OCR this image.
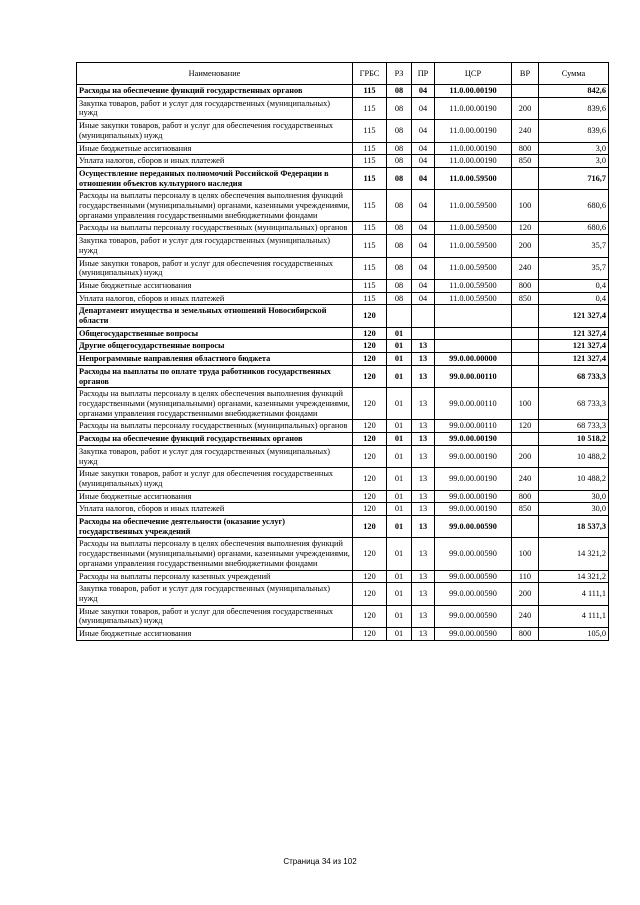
Наименование	ГРБС	РЗ	ПР	ЦСР	ВР	Сумма
Расходы на обеспечение функций государственных органов	115	08	04	11.0.00.00190		842,6
Закупка товаров, работ и услуг для государственных (муниципальных) нужд	115	08	04	11.0.00.00190	200	839,6
Иные закупки товаров, работ и услуг для обеспечения государственных (муниципальных) нужд	115	08	04	11.0.00.00190	240	839,6
Иные бюджетные ассигнования	115	08	04	11.0.00.00190	800	3,0
Уплата налогов, сборов и иных платежей	115	08	04	11.0.00.00190	850	3,0
Осуществление переданных полномочий Российской Федерации в отношении объектов культурного наследия	115	08	04	11.0.00.59500		716,7
Расходы на выплаты персоналу в целях обеспечения выполнения функций государственными (муниципальными) органами, казенными учреждениями, органами управления государственными внебюджетными фондами	115	08	04	11.0.00.59500	100	680,6
Расходы на выплаты персоналу государственных (муниципальных) органов	115	08	04	11.0.00.59500	120	680,6
Закупка товаров, работ и услуг для государственных (муниципальных) нужд	115	08	04	11.0.00.59500	200	35,7
Иные закупки товаров, работ и услуг для обеспечения государственных (муниципальных) нужд	115	08	04	11.0.00.59500	240	35,7
Иные бюджетные ассигнования	115	08	04	11.0.00.59500	800	0,4
Уплата налогов, сборов и иных платежей	115	08	04	11.0.00.59500	850	0,4
Департамент имущества и земельных отношений Новосибирской области	120					121 327,4
Общегосударственные вопросы	120	01				121 327,4
Другие общегосударственные вопросы	120	01	13			121 327,4
Непрограммные направления областного бюджета	120	01	13	99.0.00.00000		121 327,4
Расходы на выплаты по оплате труда работников государственных органов	120	01	13	99.0.00.00110		68 733,3
Расходы на выплаты персоналу в целях обеспечения выполнения функций государственными (муниципальными) органами, казенными учреждениями, органами управления государственными внебюджетными фондами	120	01	13	99.0.00.00110	100	68 733,3
Расходы на выплаты персоналу государственных (муниципальных) органов	120	01	13	99.0.00.00110	120	68 733,3
Расходы на обеспечение функций государственных органов	120	01	13	99.0.00.00190		10 518,2
Закупка товаров, работ и услуг для государственных (муниципальных) нужд	120	01	13	99.0.00.00190	200	10 488,2
Иные закупки товаров, работ и услуг для обеспечения государственных (муниципальных) нужд	120	01	13	99.0.00.00190	240	10 488,2
Иные бюджетные ассигнования	120	01	13	99.0.00.00190	800	30,0
Уплата налогов, сборов и иных платежей	120	01	13	99.0.00.00190	850	30,0
Расходы на обеспечение деятельности (оказание услуг) государственных учреждений	120	01	13	99.0.00.00590		18 537,3
Расходы на выплаты персоналу в целях обеспечения выполнения функций государственными (муниципальными) органами, казенными учреждениями, органами управления государственными внебюджетными фондами	120	01	13	99.0.00.00590	100	14 321,2
Расходы на выплаты персоналу казенных учреждений	120	01	13	99.0.00.00590	110	14 321,2
Закупка товаров, работ и услуг для государственных (муниципальных) нужд	120	01	13	99.0.00.00590	200	4 111,1
Иные закупки товаров, работ и услуг для обеспечения государственных (муниципальных) нужд	120	01	13	99.0.00.00590	240	4 111,1
Иные бюджетные ассигнования	120	01	13	99.0.00.00590	800	105,0
Страница 34 из 102
